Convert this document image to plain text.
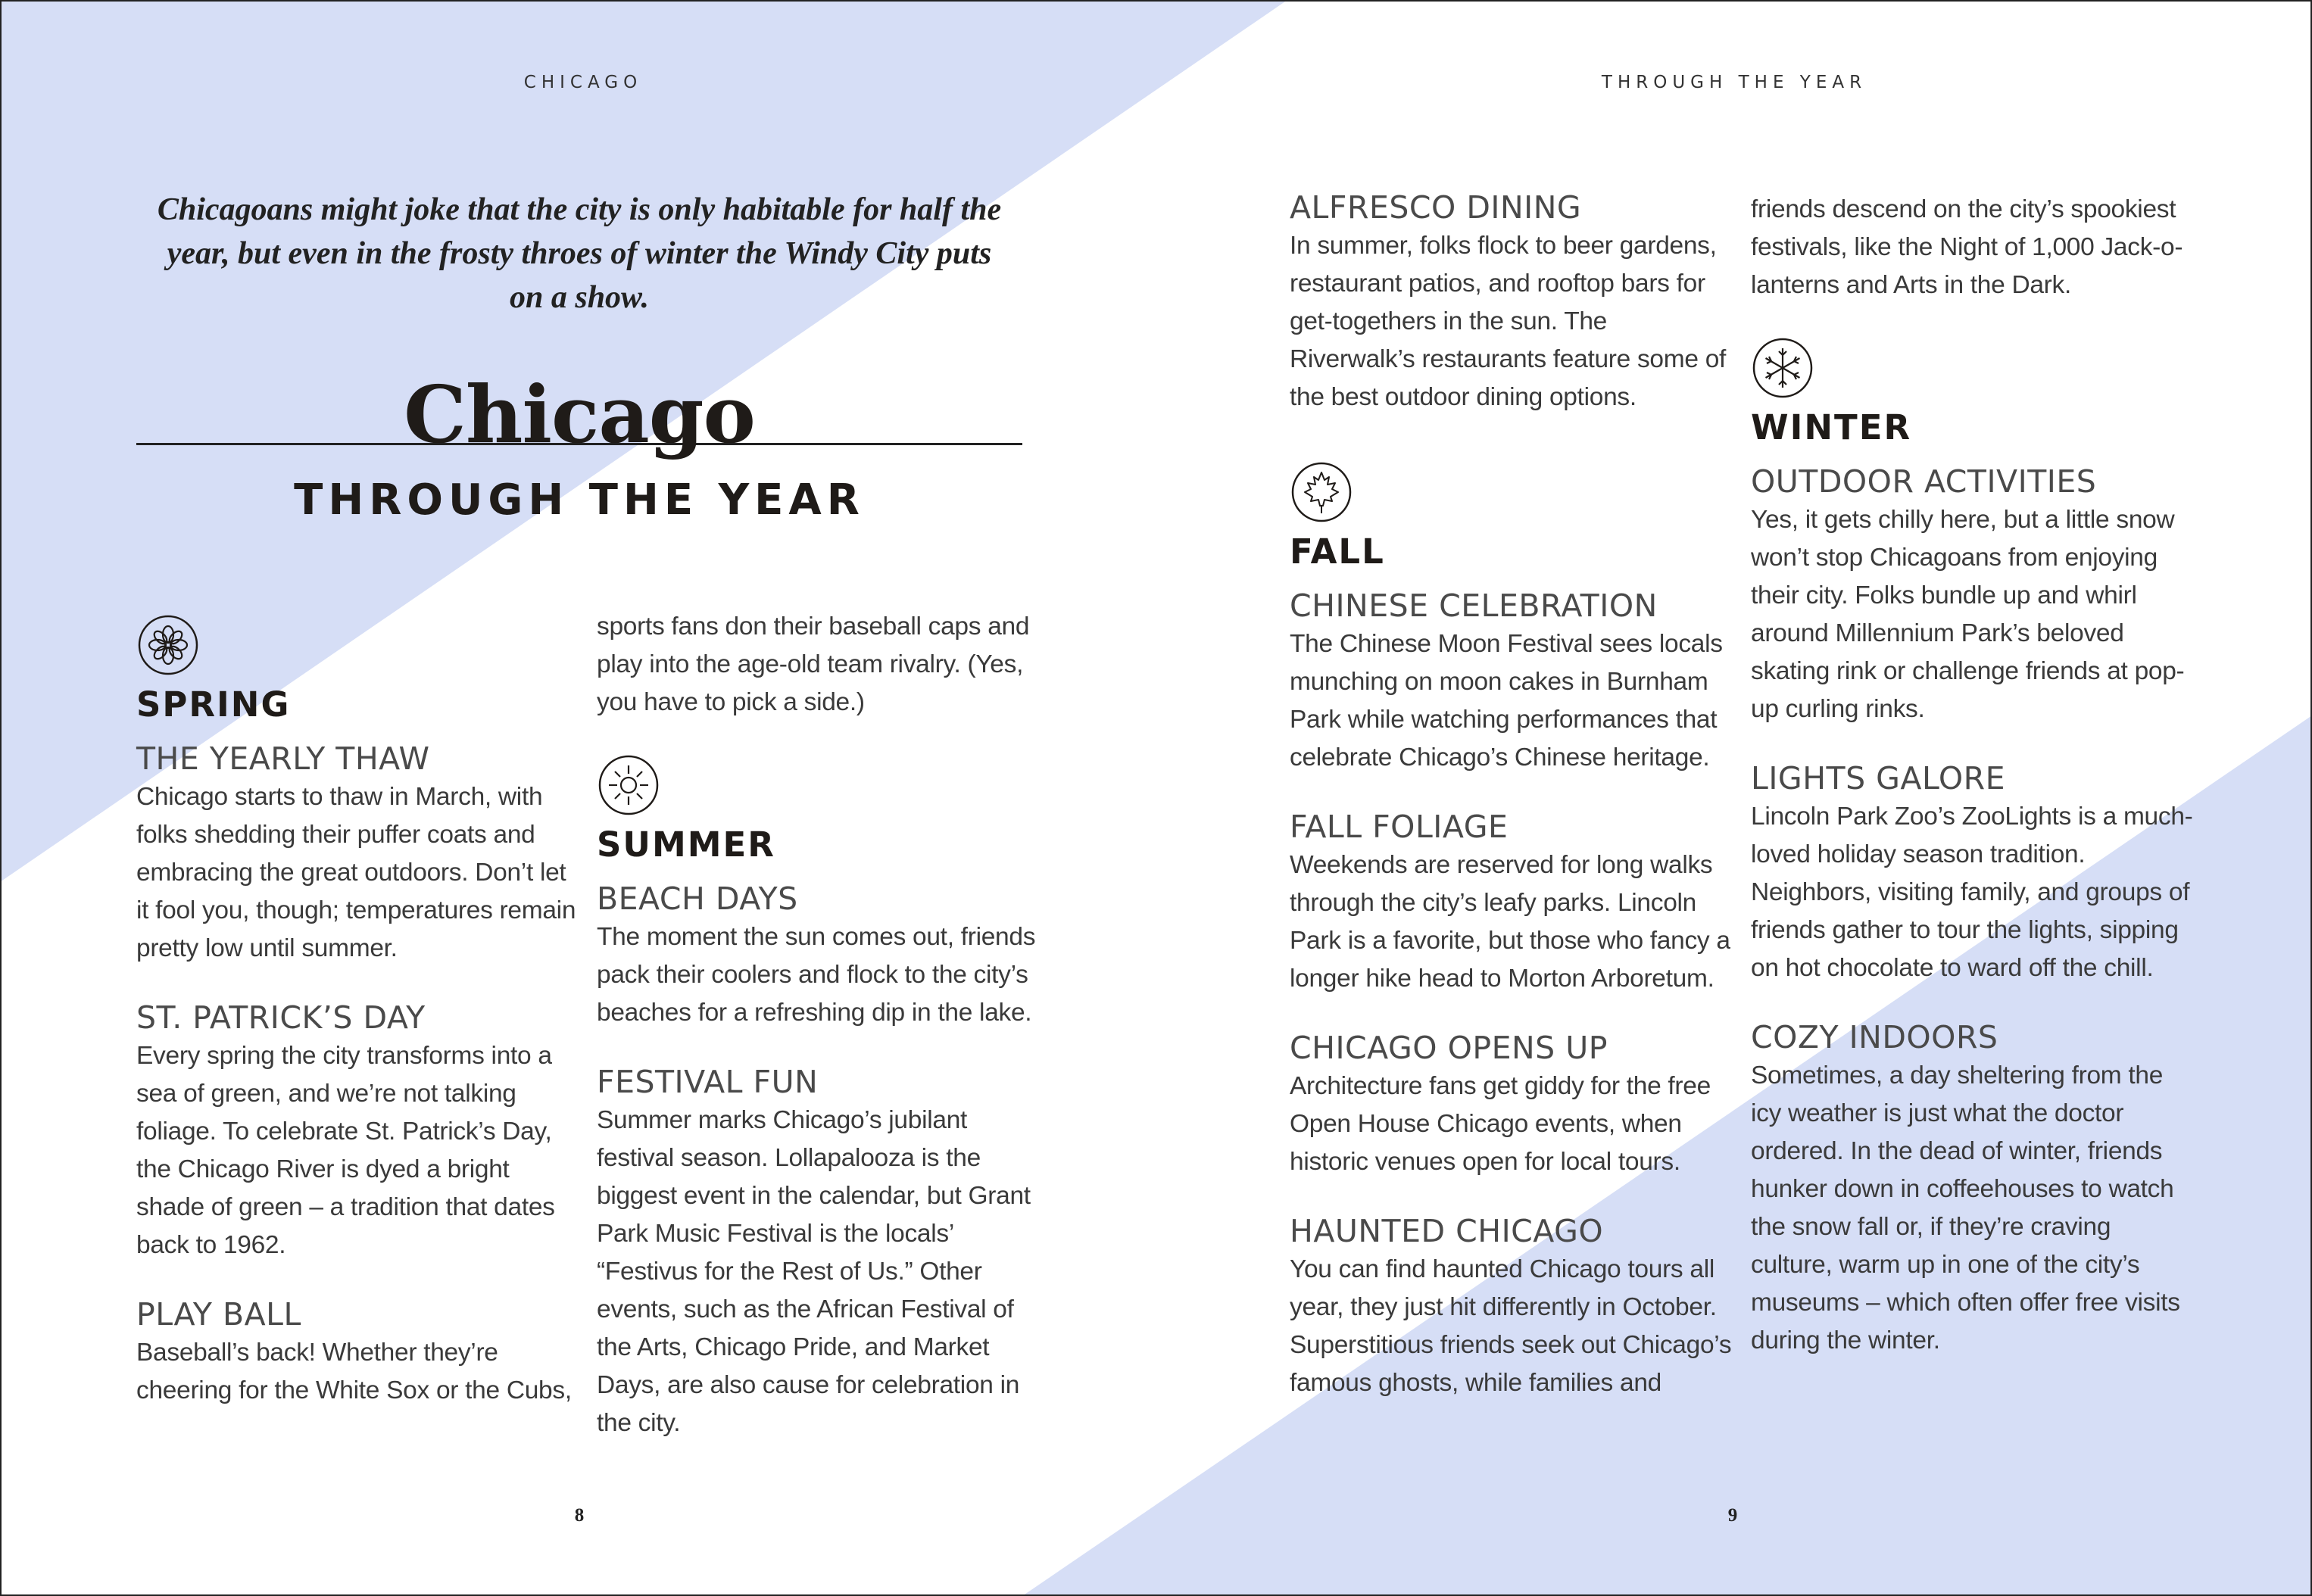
CHICAGO
Chicagoans might joke that the city is only habitable for half the year, but even in the frosty throes of winter the Windy City puts on a show.
Chicago
THROUGH THE YEAR
SPRING
THE YEARLY THAW

Chicago starts to thaw in March, with folks shedding their puffer coats and embracing the great outdoors. Don’t let it fool you, though; temperatures remain pretty low until summer.

ST. PATRICK’S DAY

Every spring the city transforms into a sea of green, and we’re not talking foliage. To celebrate St. Patrick’s Day, the Chicago River is dyed a bright shade of green – a tradition that dates back to 1962.

PLAY BALL

Baseball’s back! Whether they’re cheering for the White Sox or the Cubs,

sports fans don their baseball caps and play into the age-old team rivalry. (Yes, you have to pick a side.)

SUMMER
BEACH DAYS

The moment the sun comes out, friends pack their coolers and flock to the city’s beaches for a refreshing dip in the lake.

FESTIVAL FUN

Summer marks Chicago’s jubilant festival season. Lollapalooza is the biggest event in the calendar, but Grant Park Music Festival is the locals’ “Festivus for the Rest of Us.” Other events, such as the African Festival of the Arts, Chicago Pride, and Market Days, are also cause for celebration in the city.

8
THROUGH THE YEAR
ALFRESCO DINING

In summer, folks flock to beer gardens, restaurant patios, and rooftop bars for get-togethers in the sun. The Riverwalk’s restaurants feature some of the best outdoor dining options.

FALL
CHINESE CELEBRATION

The Chinese Moon Festival sees locals munching on moon cakes in Burnham Park while watching performances that celebrate Chicago’s Chinese heritage.

FALL FOLIAGE

Weekends are reserved for long walks through the city’s leafy parks. Lincoln Park is a favorite, but those who fancy a longer hike head to Morton Arboretum.

CHICAGO OPENS UP

Architecture fans get giddy for the free Open House Chicago events, when historic venues open for local tours.

HAUNTED CHICAGO

You can find haunted Chicago tours all year, they just hit differently in October. Superstitious friends seek out Chicago’s famous ghosts, while families and

friends descend on the city’s spookiest festivals, like the Night of 1,000 Jack-o-lanterns and Arts in the Dark.

WINTER
OUTDOOR ACTIVITIES

Yes, it gets chilly here, but a little snow won’t stop Chicagoans from enjoying their city. Folks bundle up and whirl around Millennium Park’s beloved skating rink or challenge friends at pop-up curling rinks.

LIGHTS GALORE

Lincoln Park Zoo’s ZooLights is a much-loved holiday season tradition. Neighbors, visiting family, and groups of friends gather to tour the lights, sipping on hot chocolate to ward off the chill.

COZY INDOORS

Sometimes, a day sheltering from the icy weather is just what the doctor ordered. In the dead of winter, friends hunker down in coffeehouses to watch the snow fall or, if they’re craving culture, warm up in one of the city’s museums – which often offer free visits during the winter.

9
